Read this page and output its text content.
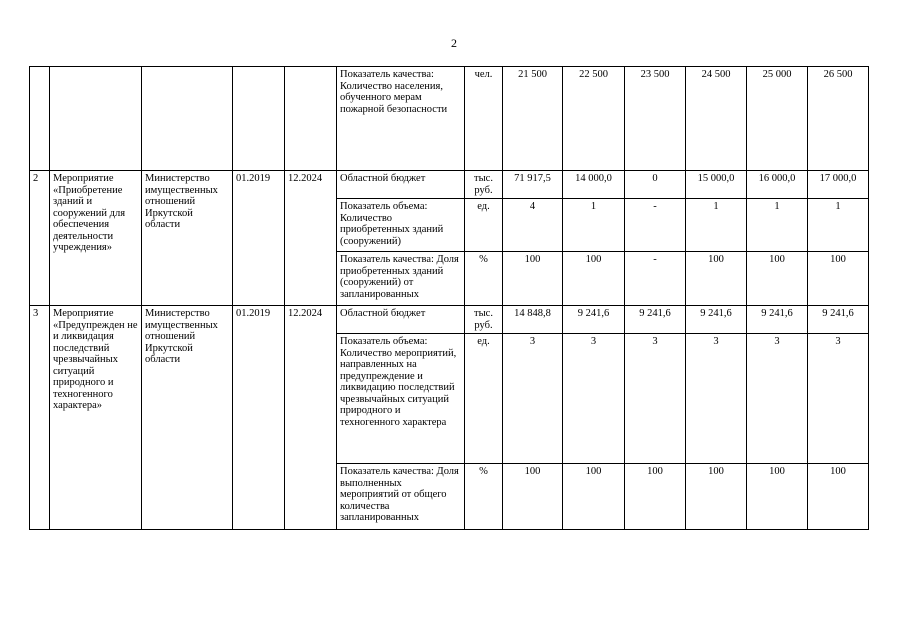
2
					Показатель качества: Количество населения, обученного мерам пожарной безопасности	чел.	21 500	22 500	23 500	24 500	25 000	26 500
2	Мероприятие «Приобретение зданий и сооружений для обеспечения деятельности учреждения»	Министерство имущественных отношений Иркутской области	01.2019	12.2024	Областной бюджет	тыс. руб.	71 917,5	14 000,0	0	15 000,0	16 000,0	17 000,0
					Показатель объема: Количество приобретенных зданий (сооружений)	ед.	4	1	-	1	1	1
					Показатель качества: Доля приобретенных зданий (сооружений) от запланированных	%	100	100	-	100	100	100
3	Мероприятие «Предупрежден не и ликвидация последствий чрезвычайных ситуаций природного и техногенного характера»	Министерство имущественных отношений Иркутской области	01.2019	12.2024	Областной бюджет	тыс. руб.	14 848,8	9 241,6	9 241,6	9 241,6	9 241,6	9 241,6
					Показатель объема: Количество мероприятий, направленных на предупреждение и ликвидацию последствий чрезвычайных ситуаций природного и техногенного характера	ед.	3	3	3	3	3	3
					Показатель качества: Доля выполненных мероприятий от общего количества запланированных	%	100	100	100	100	100	100
